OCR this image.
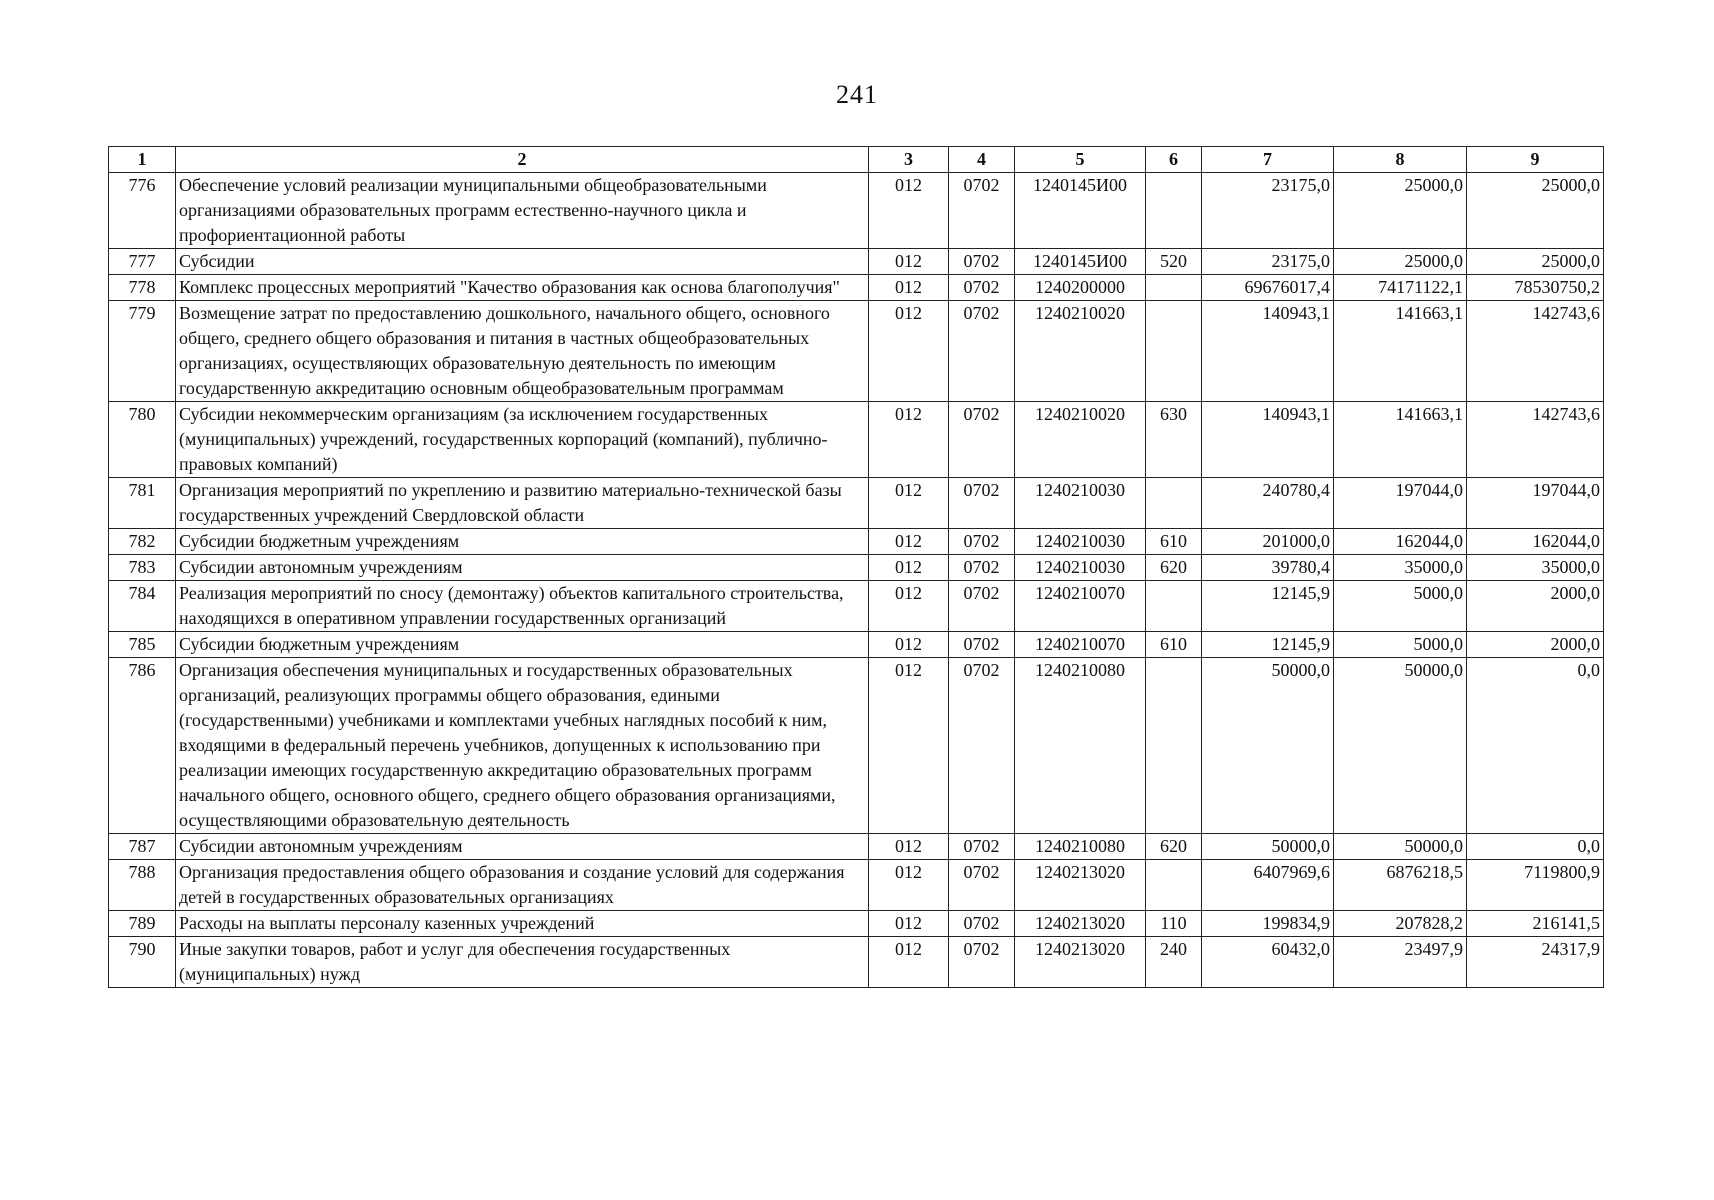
241
1	2	3	4	5	6	7	8	9
776	Обеспечение условий реализации муниципальными общеобразовательными организациями образовательных программ естественно-научного цикла и профориентационной работы	012	0702	1240145И00		23175,0	25000,0	25000,0
777	Субсидии	012	0702	1240145И00	520	23175,0	25000,0	25000,0
778	Комплекс процессных мероприятий "Качество образования как основа благополучия"	012	0702	1240200000		69676017,4	74171122,1	78530750,2
779	Возмещение затрат по предоставлению дошкольного, начального общего, основного общего, среднего общего образования и питания в частных общеобразовательных организациях, осуществляющих образовательную деятельность по имеющим государственную аккредитацию основным общеобразовательным программам	012	0702	1240210020		140943,1	141663,1	142743,6
780	Субсидии некоммерческим организациям (за исключением государственных (муниципальных) учреждений, государственных корпораций (компаний), публично-правовых компаний)	012	0702	1240210020	630	140943,1	141663,1	142743,6
781	Организация мероприятий по укреплению и развитию материально-технической базы государственных учреждений Свердловской области	012	0702	1240210030		240780,4	197044,0	197044,0
782	Субсидии бюджетным учреждениям	012	0702	1240210030	610	201000,0	162044,0	162044,0
783	Субсидии автономным учреждениям	012	0702	1240210030	620	39780,4	35000,0	35000,0
784	Реализация мероприятий по сносу (демонтажу) объектов капитального строительства, находящихся в оперативном управлении государственных организаций	012	0702	1240210070		12145,9	5000,0	2000,0
785	Субсидии бюджетным учреждениям	012	0702	1240210070	610	12145,9	5000,0	2000,0
786	Организация обеспечения муниципальных и государственных образовательных организаций, реализующих программы общего образования, едиными (государственными) учебниками и комплектами учебных наглядных пособий к ним, входящими в федеральный перечень учебников, допущенных к использованию при реализации имеющих государственную аккредитацию образовательных программ начального общего, основного общего, среднего общего образования организациями, осуществляющими образовательную деятельность	012	0702	1240210080		50000,0	50000,0	0,0
787	Субсидии автономным учреждениям	012	0702	1240210080	620	50000,0	50000,0	0,0
788	Организация предоставления общего образования и создание условий для содержания детей в государственных образовательных организациях	012	0702	1240213020		6407969,6	6876218,5	7119800,9
789	Расходы на выплаты персоналу казенных учреждений	012	0702	1240213020	110	199834,9	207828,2	216141,5
790	Иные закупки товаров, работ и услуг для обеспечения государственных (муниципальных) нужд	012	0702	1240213020	240	60432,0	23497,9	24317,9
